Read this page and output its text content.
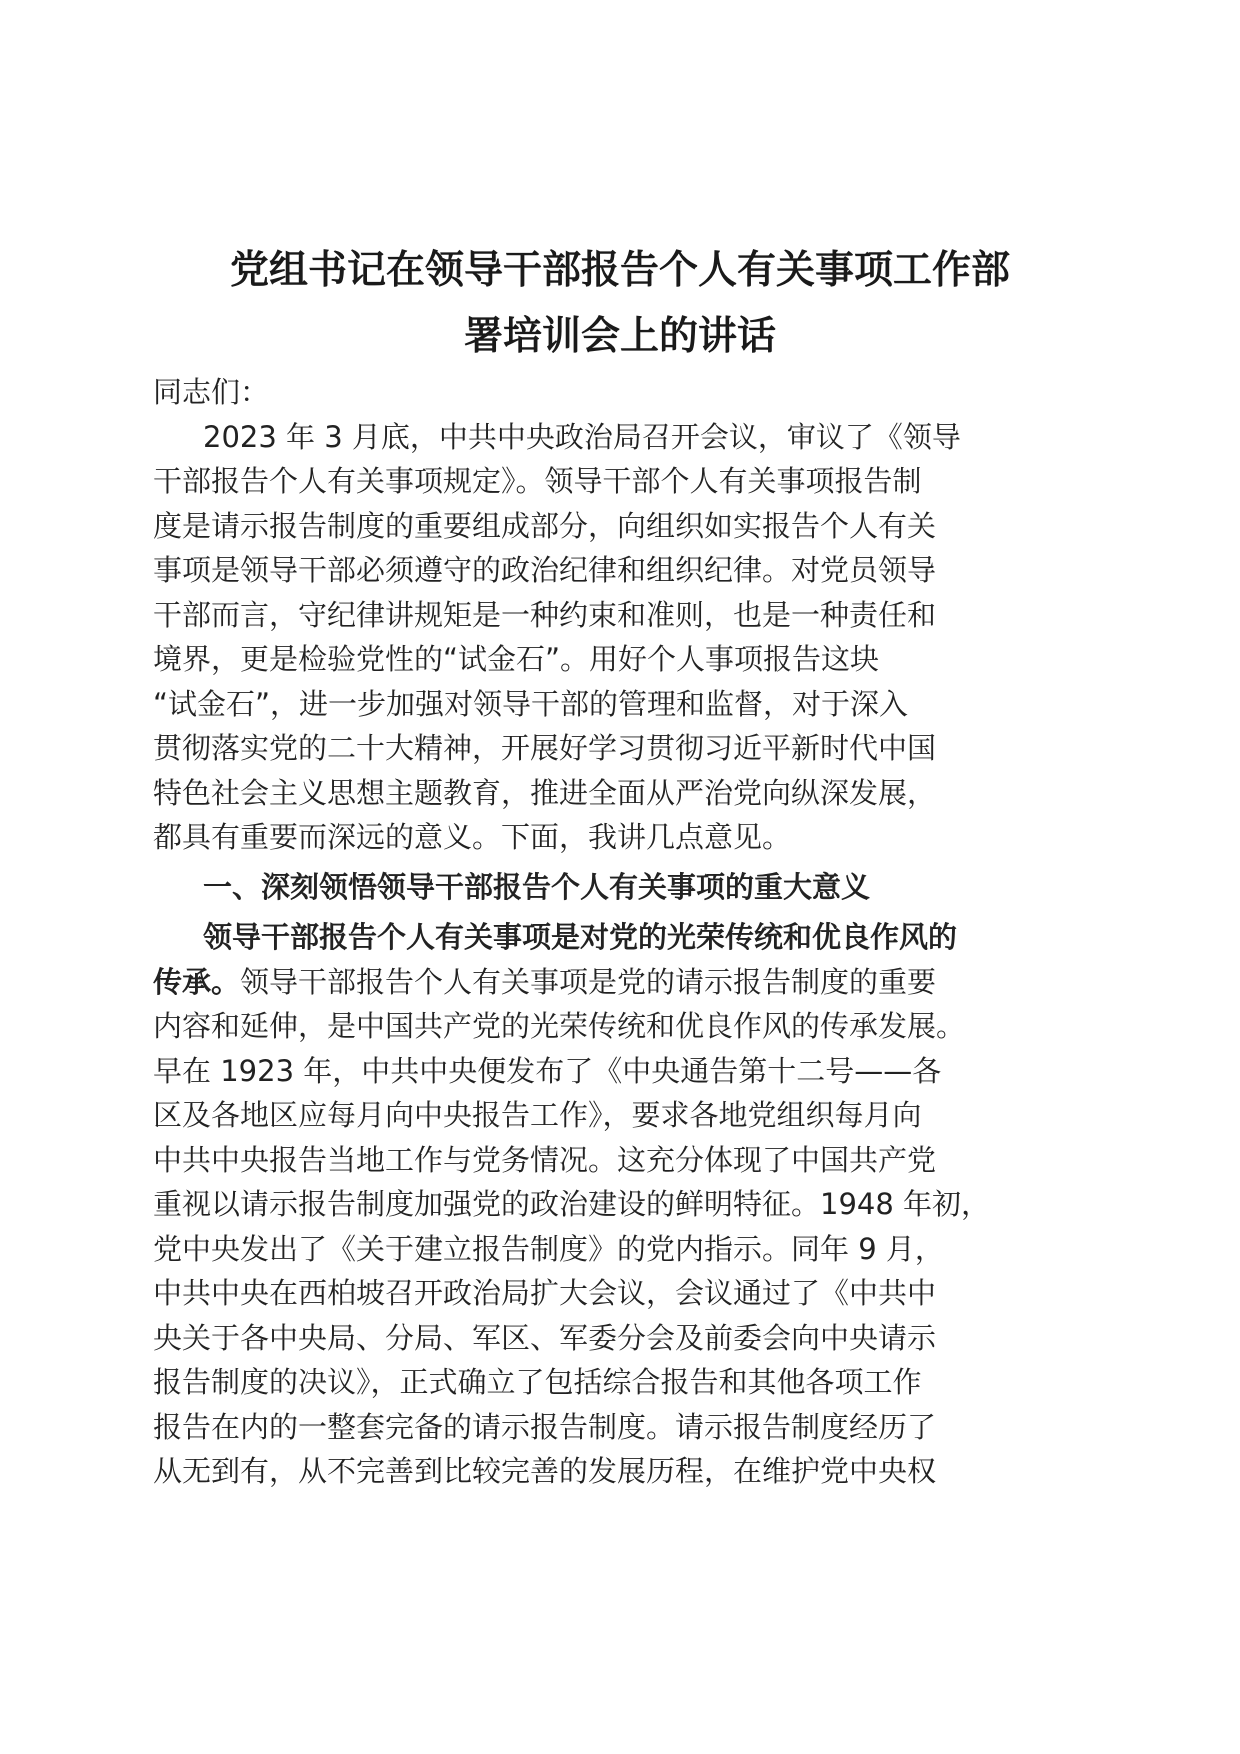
党组书记在领导干部报告个人有关事项工作部
署培训会上的讲话

同志们：

2023 年 3 月底，中共中央政治局召开会议，审议了《领导
干部报告个人有关事项规定》。领导干部个人有关事项报告制
度是请示报告制度的重要组成部分，向组织如实报告个人有关
事项是领导干部必须遵守的政治纪律和组织纪律。对党员领导
干部而言，守纪律讲规矩是一种约束和准则，也是一种责任和
境界，更是检验党性的“试金石”。用好个人事项报告这块
“试金石”，进一步加强对领导干部的管理和监督，对于深入
贯彻落实党的二十大精神，开展好学习贯彻习近平新时代中国
特色社会主义思想主题教育，推进全面从严治党向纵深发展，
都具有重要而深远的意义。下面，我讲几点意见。

一、深刻领悟领导干部报告个人有关事项的重大意义

领导干部报告个人有关事项是对党的光荣传统和优良作风的
传承。领导干部报告个人有关事项是党的请示报告制度的重要
内容和延伸，是中国共产党的光荣传统和优良作风的传承发展。
早在 1923 年，中共中央便发布了《中央通告第十二号——各
区及各地区应每月向中央报告工作》，要求各地党组织每月向
中共中央报告当地工作与党务情况。这充分体现了中国共产党
重视以请示报告制度加强党的政治建设的鲜明特征。1948 年初，
党中央发出了《关于建立报告制度》的党内指示。同年 9 月，
中共中央在西柏坡召开政治局扩大会议，会议通过了《中共中
央关于各中央局、分局、军区、军委分会及前委会向中央请示
报告制度的决议》，正式确立了包括综合报告和其他各项工作
报告在内的一整套完备的请示报告制度。请示报告制度经历了
从无到有，从不完善到比较完善的发展历程，在维护党中央权
